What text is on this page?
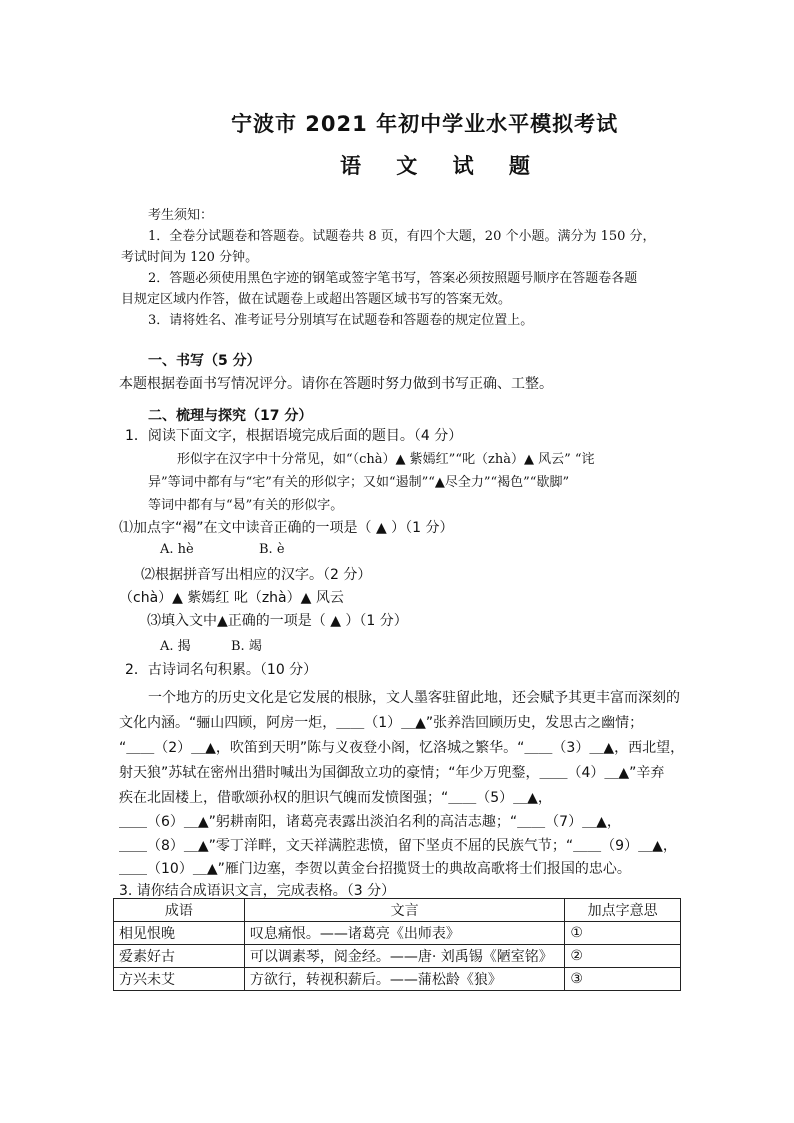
宁波市 2021 年初中学业水平模拟考试
语 文 试 题
考生须知：
1．全卷分试题卷和答题卷。试题卷共 8 页，有四个大题，20 个小题。满分为 150 分，
考试时间为 120 分钟。
2．答题必须使用黑色字迹的钢笔或签字笔书写，答案必须按照题号顺序在答题卷各题
目规定区域内作答，做在试题卷上或超出答题区域书写的答案无效。
3．请将姓名、准考证号分别填写在试题卷和答题卷的规定位置上。
一、书写（5 分）
本题根据卷面书写情况评分。请你在答题时努力做到书写正确、工整。
二、梳理与探究（17 分）
1．阅读下面文字，根据语境完成后面的题目。（4 分）
形似字在汉字中十分常见，如“（chà）▲ 紫嫣红”“叱（zhà）▲ 风云” “诧
异”等词中都有与“宅”有关的形似字；又如“遏制”“▲尽全力”“褐色”“歇脚”
等词中都有与“曷”有关的形似字。
⑴加点字“褐”在文中读音正确的一项是（ ▲ ）（1 分）
A. hè	B. è
⑵根据拼音写出相应的汉字。（2 分）
（chà）▲ 紫嫣红 叱（zhà）▲ 风云
⑶填入文中▲正确的一项是（ ▲ ）（1 分）
A. 揭	B. 竭
2．古诗词名句积累。（10 分）
一个地方的历史文化是它发展的根脉，文人墨客驻留此地，还会赋予其更丰富而深刻的
文化内涵。“骊山四顾，阿房一炬，＿＿（1）＿▲”张养浩回顾历史，发思古之幽情；
“＿＿（2）＿▲，吹笛到天明”陈与义夜登小阁，忆洛城之繁华。“＿＿（3）＿▲，西北望，
射天狼”苏轼在密州出猎时喊出为国御敌立功的豪情；“年少万兜鍪，＿＿（4）＿▲”辛弃
疾在北固楼上，借歌颂孙权的胆识气魄而发愤图强；“＿＿（5）＿▲，
＿＿（6）＿▲”躬耕南阳，诸葛亮表露出淡泊名利的高洁志趣；“＿＿（7）＿▲，
＿＿（8）＿▲”零丁洋畔，文天祥满腔悲愤，留下坚贞不屈的民族气节；“＿＿（9）＿▲，
＿＿（10）＿▲”雁门边塞，李贺以黄金台招揽贤士的典故高歌将士们报国的忠心。
3. 请你结合成语识文言，完成表格。（3 分）
成语	文言	加点字意思
相见恨晚	叹息痛恨。——诸葛亮《出师表》	①
爱素好古	可以调素琴，阅金经。——唐· 刘禹锡《陋室铭》	②
方兴未艾	方欲行，转视积薪后。——蒲松龄《狼》	③
